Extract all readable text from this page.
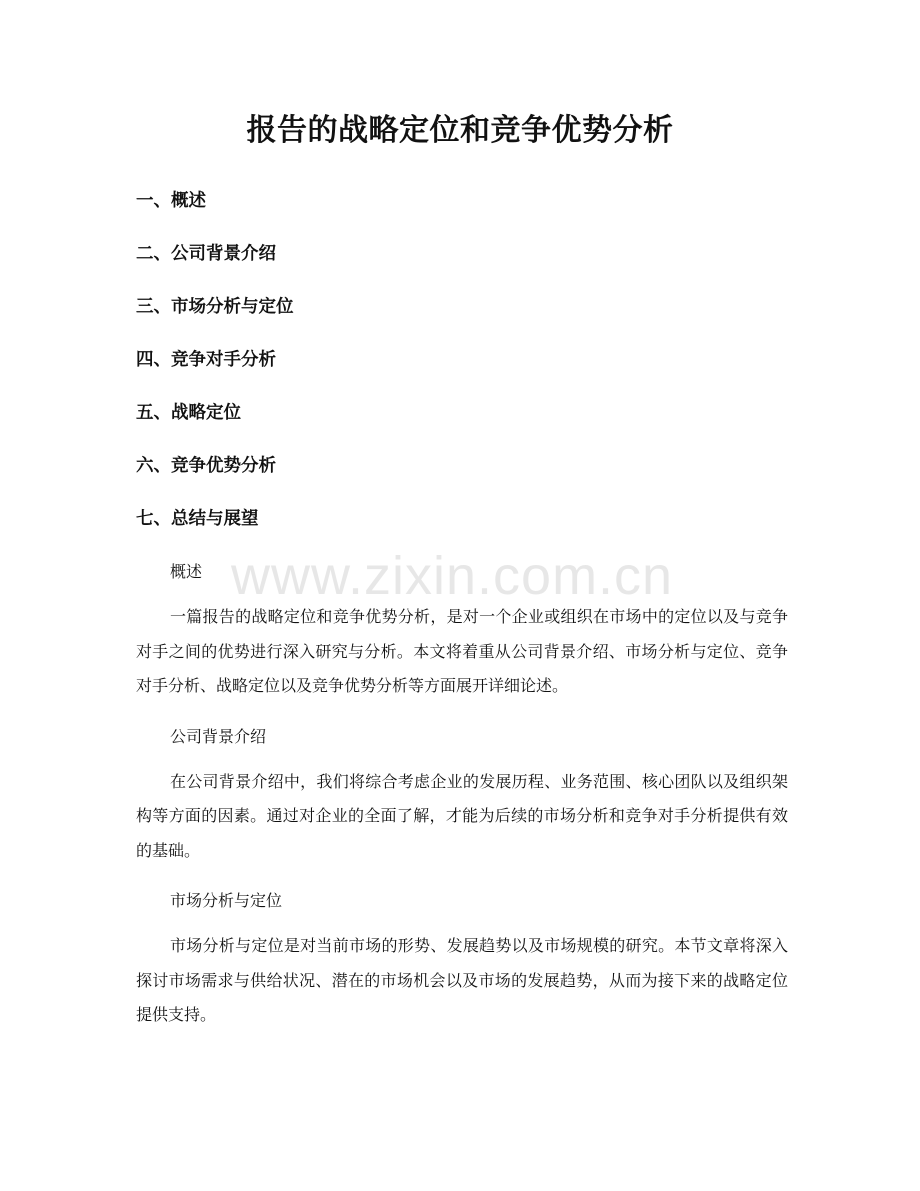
报告的战略定位和竞争优势分析
一、概述
二、公司背景介绍
三、市场分析与定位
四、竞争对手分析
五、战略定位
六、竞争优势分析
七、总结与展望
概述
一篇报告的战略定位和竞争优势分析，是对一个企业或组织在市场中的定位以及与竞争对手之间的优势进行深入研究与分析。本文将着重从公司背景介绍、市场分析与定位、竞争对手分析、战略定位以及竞争优势分析等方面展开详细论述。
公司背景介绍
在公司背景介绍中，我们将综合考虑企业的发展历程、业务范围、核心团队以及组织架构等方面的因素。通过对企业的全面了解，才能为后续的市场分析和竞争对手分析提供有效的基础。
市场分析与定位
市场分析与定位是对当前市场的形势、发展趋势以及市场规模的研究。本节文章将深入探讨市场需求与供给状况、潜在的市场机会以及市场的发展趋势，从而为接下来的战略定位提供支持。
www.zixin.com.cn
